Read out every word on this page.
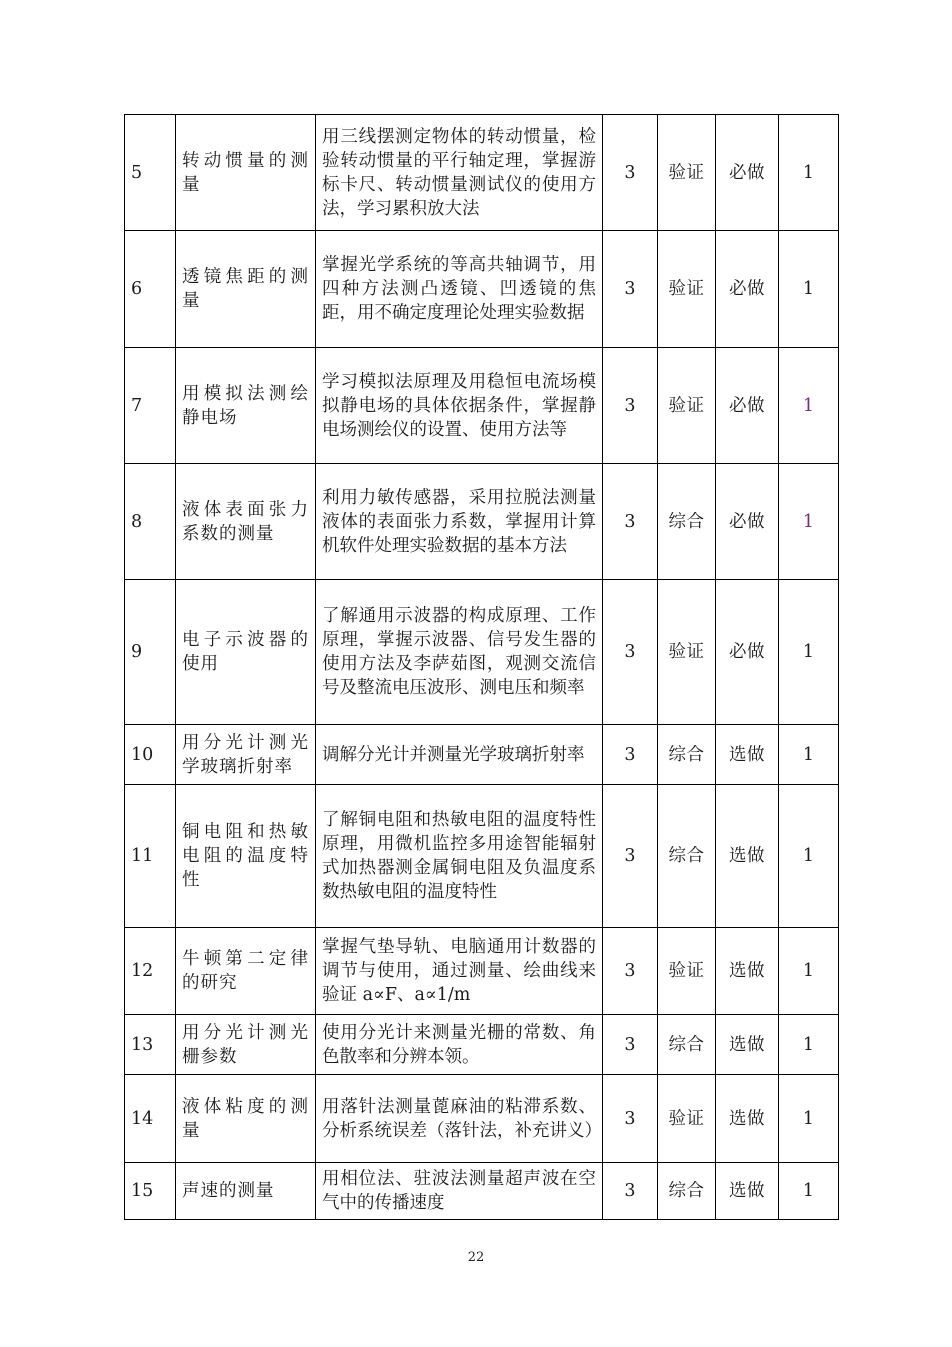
5	转动惯量的测量	用三线摆测定物体的转动惯量，检验转动惯量的平行轴定理，掌握游标卡尺、转动惯量测试仪的使用方法，学习累积放大法	3	验证	必做	1
6	透镜焦距的测量	掌握光学系统的等高共轴调节，用四种方法测凸透镜、凹透镜的焦距，用不确定度理论处理实验数据	3	验证	必做	1
7	用模拟法测绘静电场	学习模拟法原理及用稳恒电流场模拟静电场的具体依据条件，掌握静电场测绘仪的设置、使用方法等	3	验证	必做	1
8	液体表面张力系数的测量	利用力敏传感器，采用拉脱法测量液体的表面张力系数，掌握用计算机软件处理实验数据的基本方法	3	综合	必做	1
9	电子示波器的使用	了解通用示波器的构成原理、工作原理，掌握示波器、信号发生器的使用方法及李萨茹图，观测交流信号及整流电压波形、测电压和频率	3	验证	必做	1
10	用分光计测光学玻璃折射率	调解分光计并测量光学玻璃折射率	3	综合	选做	1
11	铜电阻和热敏电阻的温度特性	了解铜电阻和热敏电阻的温度特性原理，用微机监控多用途智能辐射式加热器测金属铜电阻及负温度系数热敏电阻的温度特性	3	综合	选做	1
12	牛顿第二定律的研究	掌握气垫导轨、电脑通用计数器的调节与使用，通过测量、绘曲线来验证 a∝F、a∝1/m	3	验证	选做	1
13	用分光计测光栅参数	使用分光计来测量光栅的常数、角色散率和分辨本领。	3	综合	选做	1
14	液体粘度的测量	用落针法测量蓖麻油的粘滞系数、分析系统误差（落针法，补充讲义）	3	验证	选做	1
15	声速的测量	用相位法、驻波法测量超声波在空气中的传播速度	3	综合	选做	1
22
